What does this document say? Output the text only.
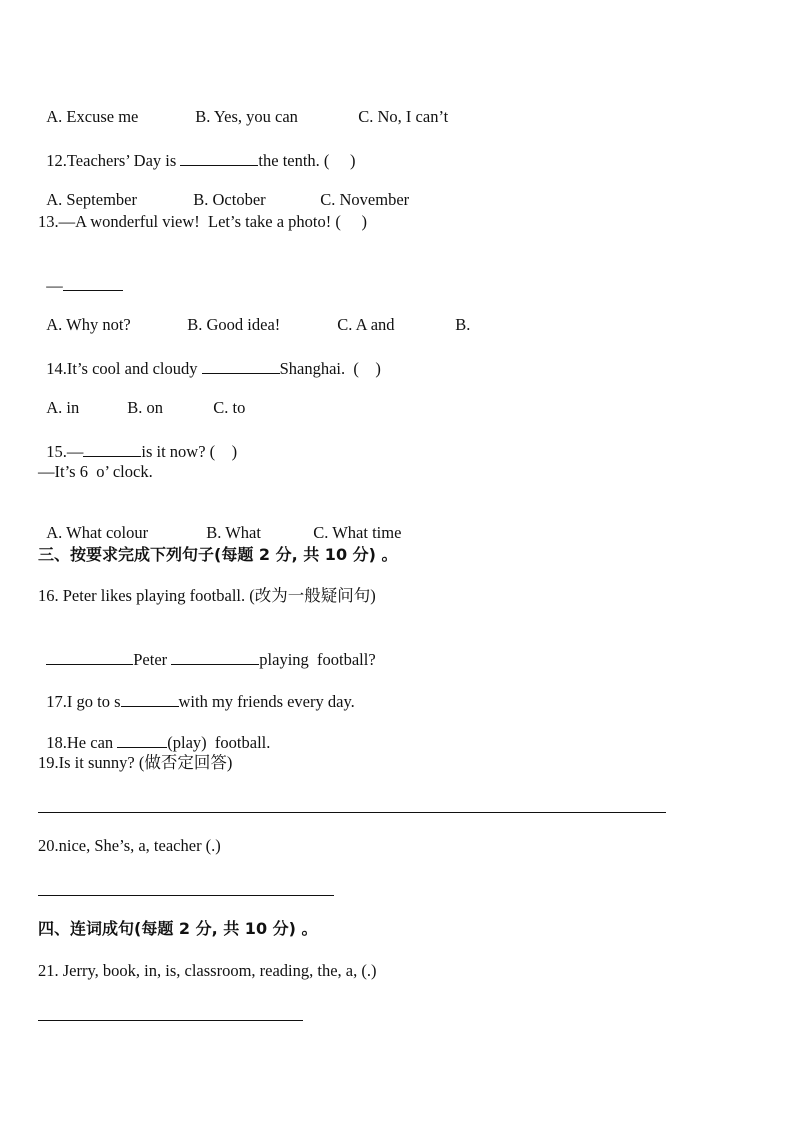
A. Excuse me	B. Yes, you can	C. No, I can’t

12.Teachers’ Day is	the tenth. (     )

A. September	B. October	C. November

13.—A wonderful view!  Let’s take a photo! (     )

—

A. Why not?	B. Good idea!	C. A and	B.

14.It’s cool and cloudy	Shanghai.  (    )

A. in	B. on	C. to

15.—	is it now? (    )

—It’s 6  o’ clock.

A. What colour	B. What	C. What time

三、按要求完成下列句子(每题 2 分, 共 10 分) 。
16. Peter likes playing football. (改为一般疑问句)

Peter	playing  football?

17.I go to s	with my friends every day.

18.He can	(play)  football.

19.Is it sunny? (做否定回答)
20.nice, She’s, a, teacher (.)
四、连词成句(每题 2 分, 共 10 分) 。
21. Jerry, book, in, is, classroom, reading, the, a, (.)
